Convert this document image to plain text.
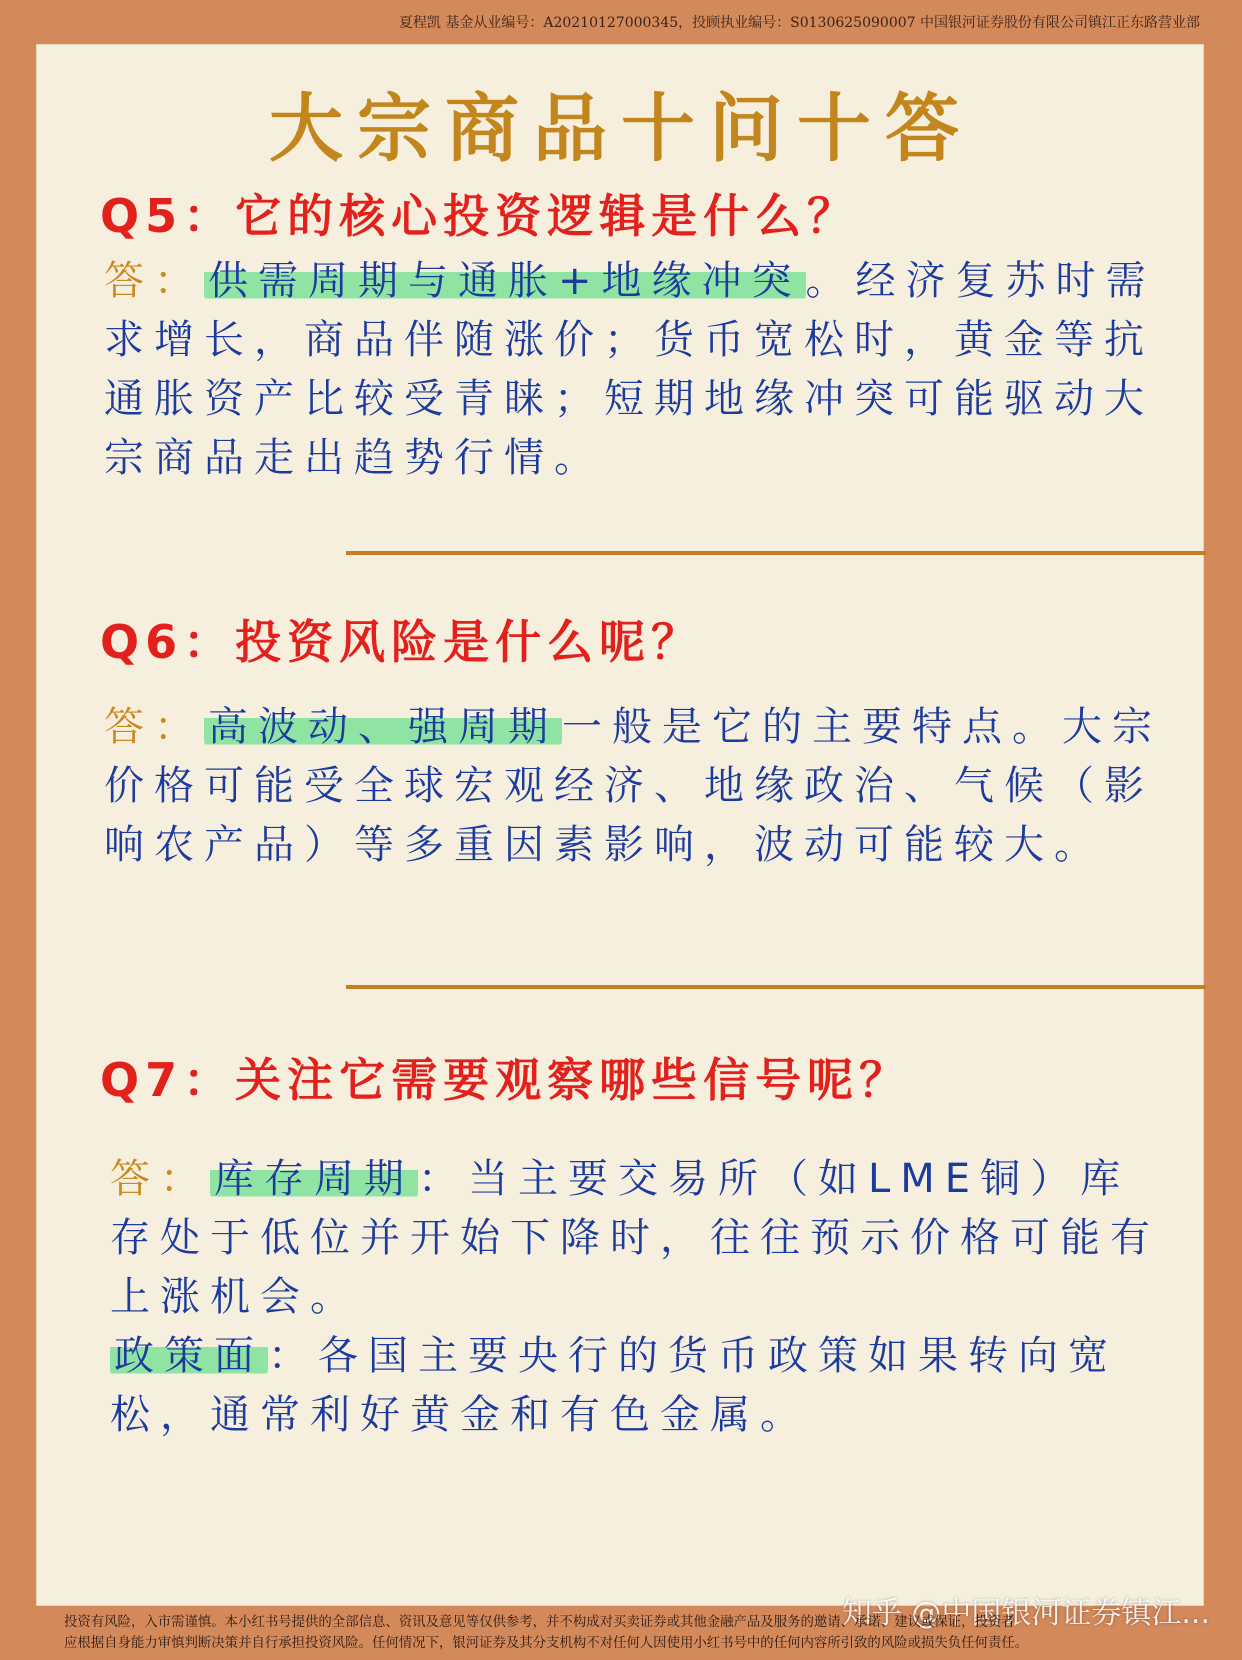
夏程凯 基金从业编号：A20210127000345，投顾执业编号：S0130625090007 中国银河证券股份有限公司镇江正东路营业部
大宗商品十问十答
Q5：它的核心投资逻辑是什么？
答： 供需周期与通胀+地缘冲突 。经济复苏时需求增长，商品伴随涨价；货币宽松时，黄金等抗通胀资产比较受青睐；短期地缘冲突可能驱动大宗商品走出趋势行情。
Q6：投资风险是什么呢？
答： 高波动、强周期 一般是它的主要特点。大宗价格可能受全球宏观经济、地缘政治、气候（影响农产品）等多重因素影响，波动可能较大。
Q7：关注它需要观察哪些信号呢？
答： 库存周期 ：当主要交易所（如LME铜）库存处于低位并开始下降时，往往预示价格可能有上涨机会。
政策面 ：各国主要央行的货币政策如果转向宽松，通常利好黄金和有色金属。
知乎 @中国银河证券镇江...
投资有风险，入市需谨慎。本小红书号提供的全部信息、资讯及意见等仅供参考，并不构成对买卖证券或其他金融产品及服务的邀请、承诺、建议或保证，投资者
应根据自身能力审慎判断决策并自行承担投资风险。任何情况下，银河证券及其分支机构不对任何人因使用小红书号中的任何内容所引致的风险或损失负任何责任。
